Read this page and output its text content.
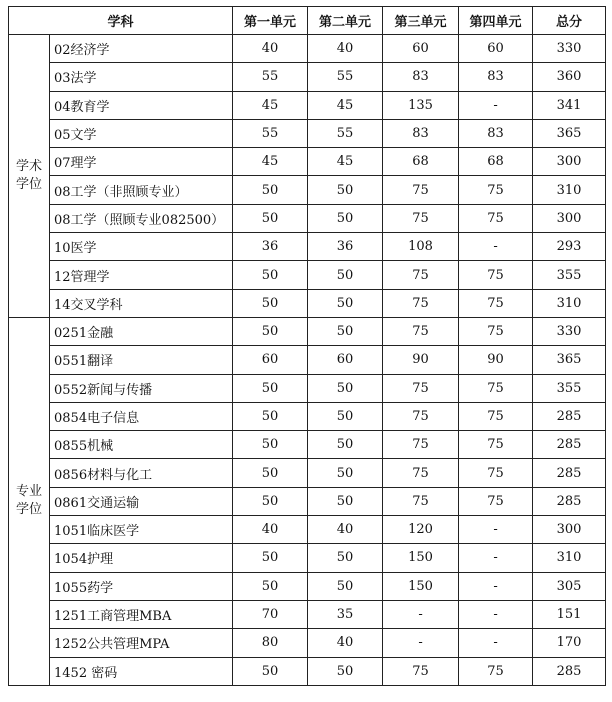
学科		第一单元	第二单元	第三单元	第四单元	总分

学术
学位	02经济学	40	40	60	60	330
	03法学	55	55	83	83	360
	04教育学	45	45	135	-	341
	05文学	55	55	83	83	365
	07理学	45	45	68	68	300
	08工学（非照顾专业）	50	50	75	75	310
	08工学（照顾专业082500）	50	50	75	75	300
	10医学	36	36	108	-	293
	12管理学	50	50	75	75	355
	14交叉学科	50	50	75	75	310

专业
学位	0251金融	50	50	75	75	330
	0551翻译	60	60	90	90	365
	0552新闻与传播	50	50	75	75	355
	0854电子信息	50	50	75	75	285
	0855机械	50	50	75	75	285
	0856材料与化工	50	50	75	75	285
	0861交通运输	50	50	75	75	285
	1051临床医学	40	40	120	-	300
	1054护理	50	50	150	-	310
	1055药学	50	50	150	-	305
	1251工商管理MBA	70	35	-	-	151
	1252公共管理MPA	80	40	-	-	170
	1452 密码	50	50	75	75	285
